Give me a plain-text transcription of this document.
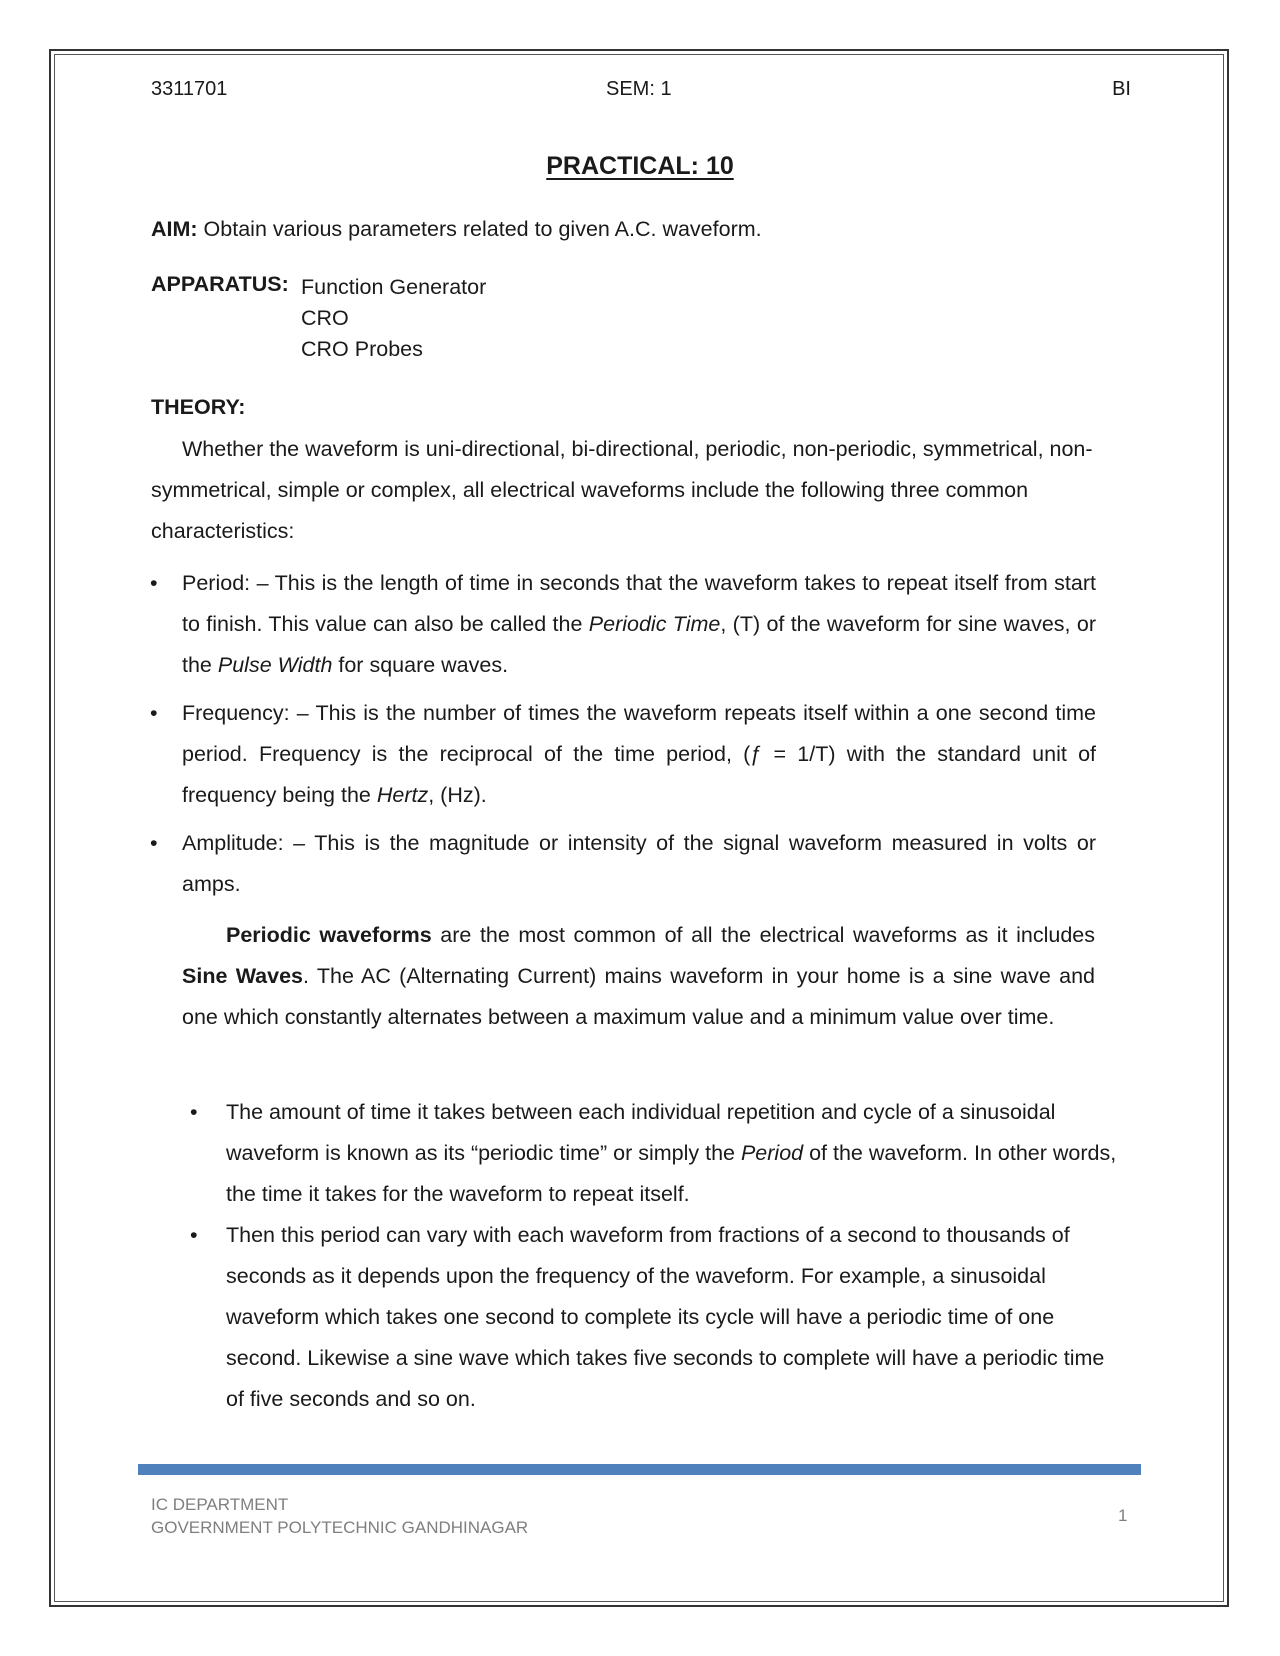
3311701	SEM: 1	BI
PRACTICAL: 10
AIM: Obtain various parameters related to given A.C. waveform.
APPARATUS: Function Generator
CRO
CRO Probes
THEORY:
Whether the waveform is uni-directional, bi-directional, periodic, non-periodic, symmetrical, non-symmetrical, simple or complex, all electrical waveforms include the following three common characteristics:
• Period: – This is the length of time in seconds that the waveform takes to repeat itself from start to finish. This value can also be called the Periodic Time, (T) of the waveform for sine waves, or the Pulse Width for square waves.
• Frequency: – This is the number of times the waveform repeats itself within a one second time period. Frequency is the reciprocal of the time period, (ƒ = 1/T) with the standard unit of frequency being the Hertz, (Hz).
• Amplitude: – This is the magnitude or intensity of the signal waveform measured in volts or amps.
Periodic waveforms are the most common of all the electrical waveforms as it includes Sine Waves. The AC (Alternating Current) mains waveform in your home is a sine wave and one which constantly alternates between a maximum value and a minimum value over time.
• The amount of time it takes between each individual repetition and cycle of a sinusoidal waveform is known as its “periodic time” or simply the Period of the waveform. In other words, the time it takes for the waveform to repeat itself.
• Then this period can vary with each waveform from fractions of a second to thousands of seconds as it depends upon the frequency of the waveform. For example, a sinusoidal waveform which takes one second to complete its cycle will have a periodic time of one second. Likewise a sine wave which takes five seconds to complete will have a periodic time of five seconds and so on.
IC DEPARTMENT
GOVERNMENT POLYTECHNIC GANDHINAGAR
1
